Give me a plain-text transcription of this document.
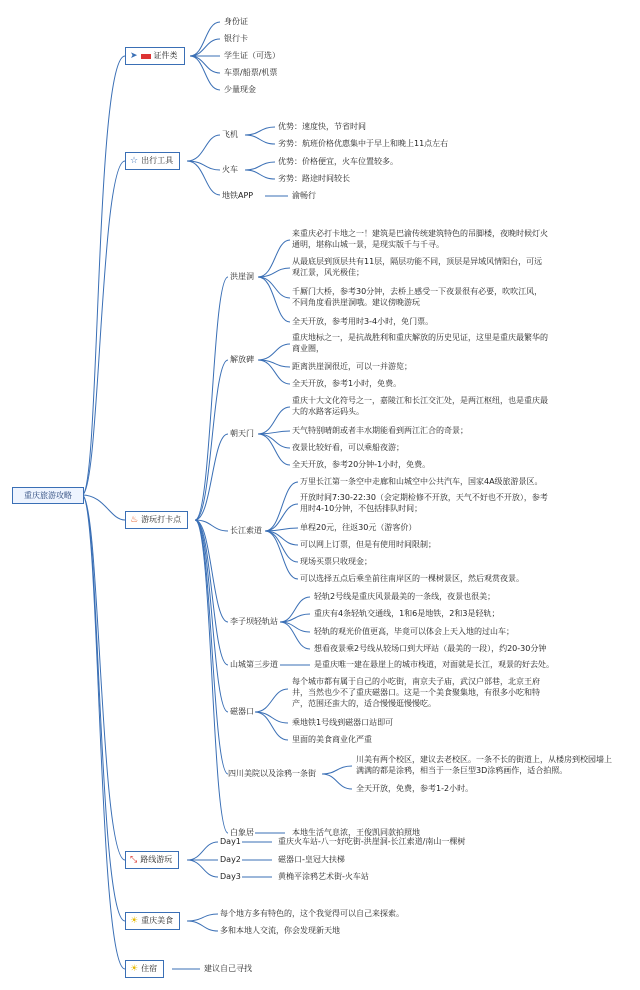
重庆旅游攻略
➤ 证件类
☆ 出行工具
♨ 游玩打卡点
⤡ 路线游玩
☀ 重庆美食
☀ 住宿
身份证
银行卡
学生证（可选）
车票/船票/机票
少量现金
飞机
优势：速度快，节省时间
劣势：航班价格优惠集中于早上和晚上11点左右
火车
优势：价格便宜，火车位置较多。
劣势：路途时间较长
地铁APP	渝畅行
洪崖洞
来重庆必打卡地之一！建筑是巴渝传统建筑特色的吊脚楼，夜晚时候灯火通明，堪称山城一景，是现实版千与千寻。
从最底层到顶层共有11层，隔层功能不同，顶层是异域风情阳台，可远观江景，风光极佳；
千厮门大桥，参考30分钟，去桥上感受一下夜景很有必要，吹吹江风，不同角度看洪崖洞哦。建议傍晚游玩
全天开放，参考用时3-4小时，免门票。
解放碑
重庆地标之一，是抗战胜利和重庆解放的历史见证，这里是重庆最繁华的商业圈，
距离洪崖洞很近，可以一并游览；
全天开放，参考1小时，免费。
朝天门
重庆十大文化符号之一，嘉陵江和长江交汇处，是两江枢纽，也是重庆最大的水路客运码头。
天气特别晴朗或者丰水期能看到两江汇合的奇景；
夜景比较好看，可以乘船夜游；
全天开放，参考20分钟-1小时，免费。
长江索道
万里长江第一条空中走廊和山城空中公共汽车，国家4A级旅游景区。
开放时间7:30-22:30（会定期检修不开放，天气不好也不开放），参考用时4-10分钟，不包括排队时间；
单程20元，往返30元（游客价）
可以网上订票，但是有使用时间限制；
现场买票只收现金；
可以选择五点后乘坐前往南岸区的一棵树景区，然后观赏夜景。
李子坝轻轨站
轻轨2号线是重庆风景最美的一条线，夜景也很美；
重庆有4条轻轨交通线，1和6是地铁，2和3是轻轨；
轻轨的观光价值更高，毕竟可以体会上天入地的过山车；
想看夜景乘2号线从较场口到大坪站（最美的一段），约20-30分钟
山城第三步道	是重庆唯一建在悬崖上的城市栈道，对面就是长江，观景的好去处。
磁器口
每个城市都有属于自己的小吃街，南京夫子庙，武汉户部巷，北京王府井，当然也少不了重庆磁器口。这是一个美食聚集地，有很多小吃和特产，范围还蛮大的，适合慢慢逛慢慢吃。
乘地铁1号线到磁器口站即可
里面的美食商业化严重
四川美院以及涂鸦一条街
川美有两个校区，建议去老校区。一条不长的街道上，从楼房到校园墙上满满的都是涂鸦，相当于一条巨型3D涂鸦画作，适合拍照。
全天开放，免费，参考1-2小时。
白象居	本地生活气息浓，王俊凯同款拍照地
Day1	重庆火车站-八一好吃街-洪崖洞-长江索道/南山一棵树
Day2	磁器口-皇冠大扶梯
Day3	黄桷平涂鸦艺术街-火车站
每个地方多有特色的，这个我觉得可以自己来探索。
多和本地人交流，你会发现新天地
建议自己寻找
